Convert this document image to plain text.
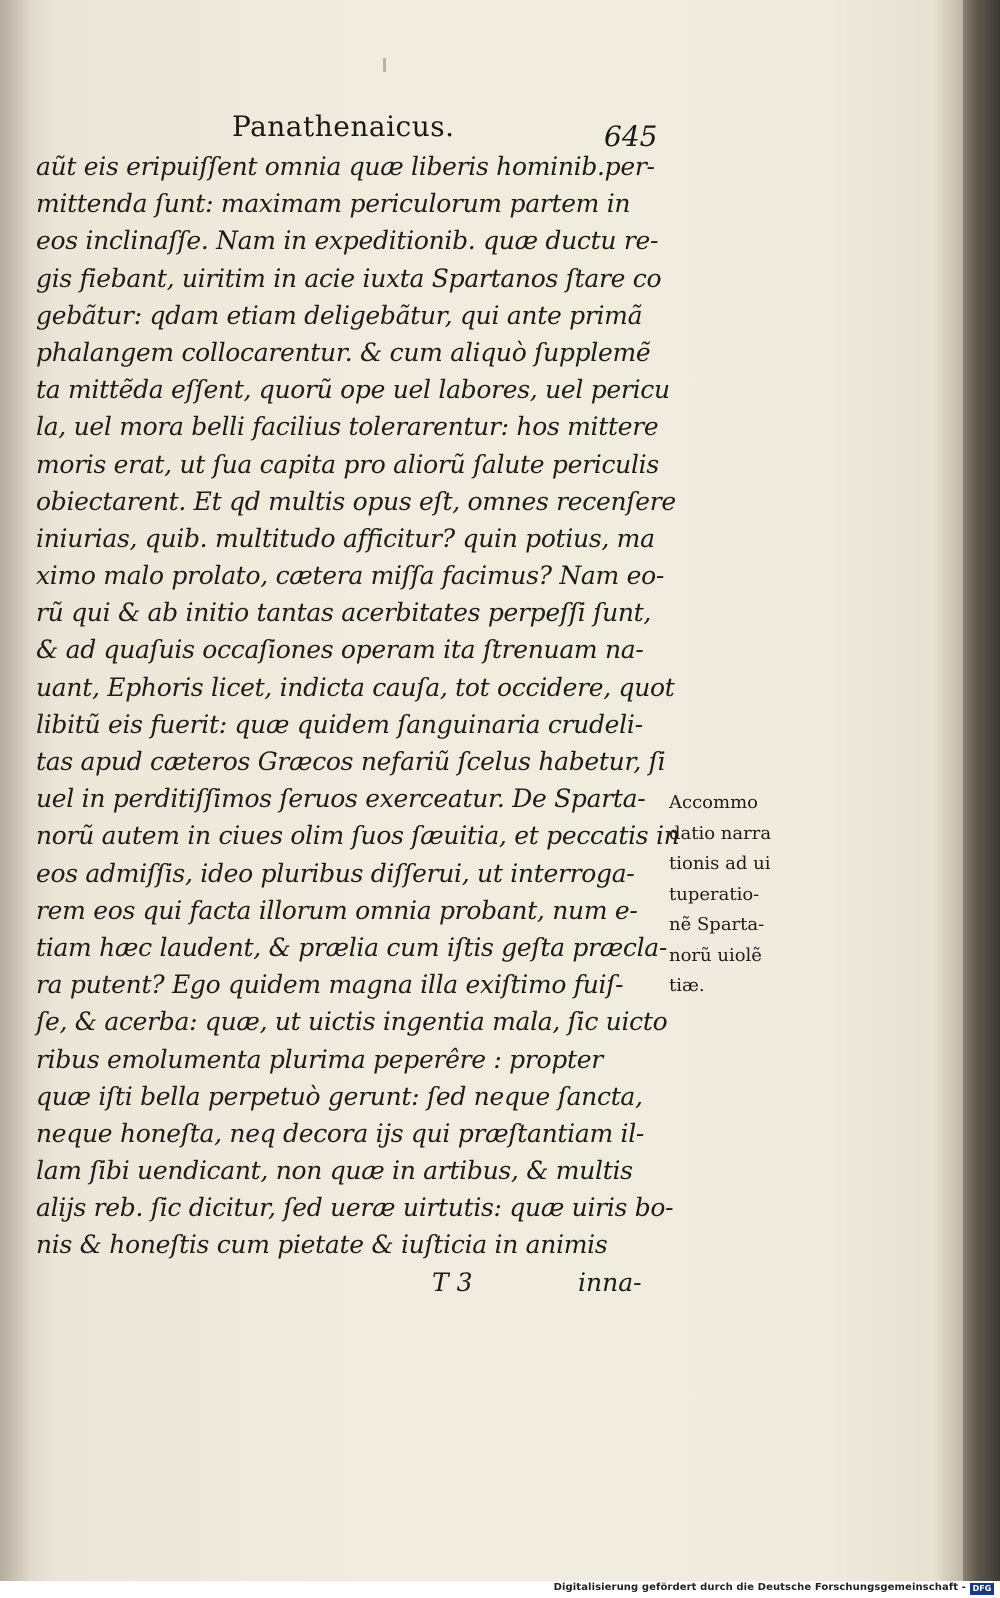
Panathenaicus.	645
aũt eis eripuiſſent omnia quæ liberis hominib.per-
mittenda ſunt: maximam periculorum partem in
eos inclinaſſe. Nam in expeditionib. quæ ductu re-
gis fiebant, uiritim in acie iuxta Spartanos ſtare co
gebãtur: qdam etiam deligebãtur, qui ante primã
phalangem collocarentur. & cum aliquò ſupplemẽ
ta mittẽda eſſent, quorũ ope uel labores, uel pericu
la, uel mora belli facilius tolerarentur: hos mittere
moris erat, ut ſua capita pro aliorũ ſalute periculis
obiectarent. Et qd multis opus eſt, omnes recenſere
iniurias, quib. multitudo afficitur? quin potius, ma
ximo malo prolato, cætera miſſa facimus? Nam eo-
rũ qui & ab initio tantas acerbitates perpeſſi ſunt,
& ad quaſuis occaſiones operam ita ſtrenuam na-
uant, Ephoris licet, indicta cauſa, tot occidere, quot
libitũ eis fuerit: quæ quidem ſanguinaria crudeli-
tas apud cæteros Græcos nefariũ ſcelus habetur, ſi
uel in perditiſſimos ſeruos exerceatur. De Sparta-
norũ autem in ciues olim ſuos ſæuitia, et peccatis in
eos admiſſis, ideo pluribus diſſerui, ut interroga-
rem eos qui facta illorum omnia probant, num e-
tiam hæc laudent, & prælia cum iſtis geſta præcla-
ra putent? Ego quidem magna illa exiſtimo fuiſ-
ſe, & acerba: quæ, ut uictis ingentia mala, ſic uicto
ribus emolumenta plurima peperêre : propter
quæ iſti bella perpetuò gerunt: ſed neque ſancta,
neque honeſta, neq decora ijs qui præſtantiam il-
lam ſibi uendicant, non quæ in artibus, & multis
alijs reb. ſic dicitur, ſed ueræ uirtutis: quæ uiris bo-
nis & honeſtis cum pietate & iuſticia in animis
Accommo
datio narra
tionis ad ui
tuperatio-
nẽ Sparta-
norũ uiolẽ
tiæ.
T 3	inna-
Digitalisierung gefördert durch die Deutsche Forschungsgemeinschaft - DFG
